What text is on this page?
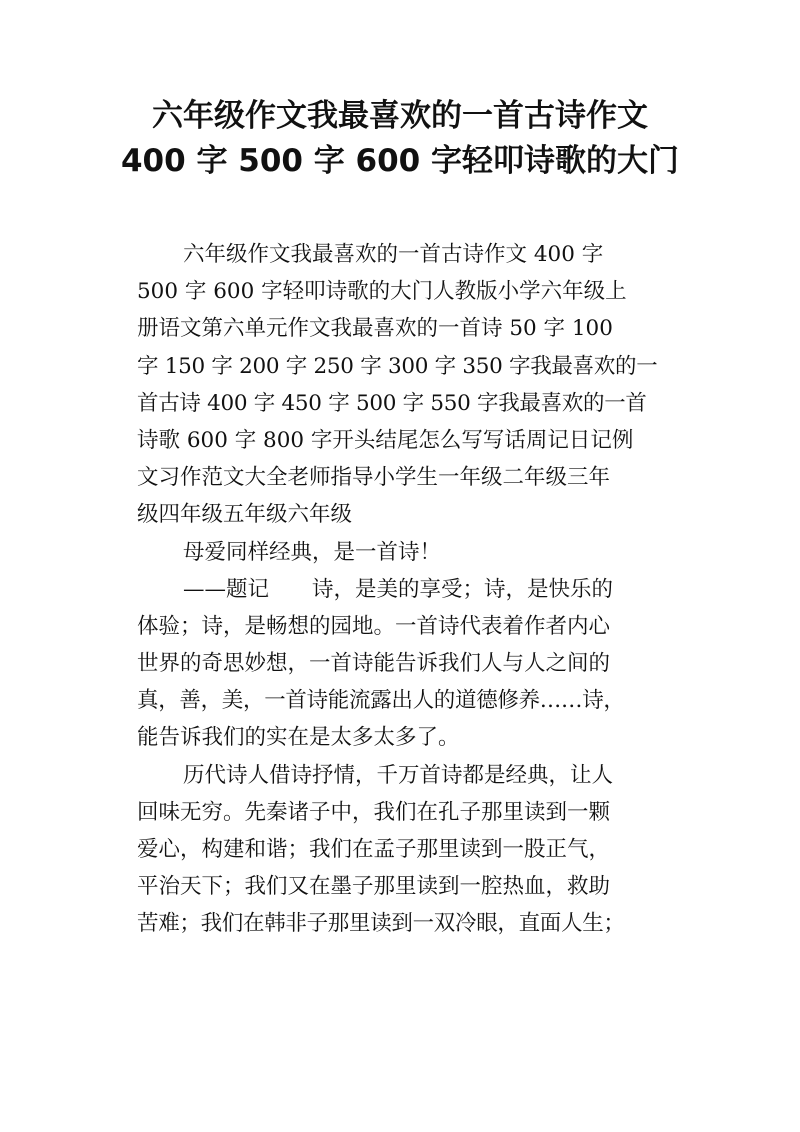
六年级作文我最喜欢的一首古诗作文
400 字 500 字 600 字轻叩诗歌的大门
六年级作文我最喜欢的一首古诗作文 400 字
500 字 600 字轻叩诗歌的大门人教版小学六年级上
册语文第六单元作文我最喜欢的一首诗 50 字 100
字 150 字 200 字 250 字 300 字 350 字我最喜欢的一
首古诗 400 字 450 字 500 字 550 字我最喜欢的一首
诗歌 600 字 800 字开头结尾怎么写写话周记日记例
文习作范文大全老师指导小学生一年级二年级三年
级四年级五年级六年级
母爱同样经典，是一首诗！
——题记　　诗，是美的享受；诗，是快乐的
体验；诗，是畅想的园地。一首诗代表着作者内心
世界的奇思妙想，一首诗能告诉我们人与人之间的
真，善，美，一首诗能流露出人的道德修养……诗，
能告诉我们的实在是太多太多了。
历代诗人借诗抒情，千万首诗都是经典，让人
回味无穷。先秦诸子中，我们在孔子那里读到一颗
爱心，构建和谐；我们在孟子那里读到一股正气，
平治天下；我们又在墨子那里读到一腔热血，救助
苦难；我们在韩非子那里读到一双冷眼，直面人生；
